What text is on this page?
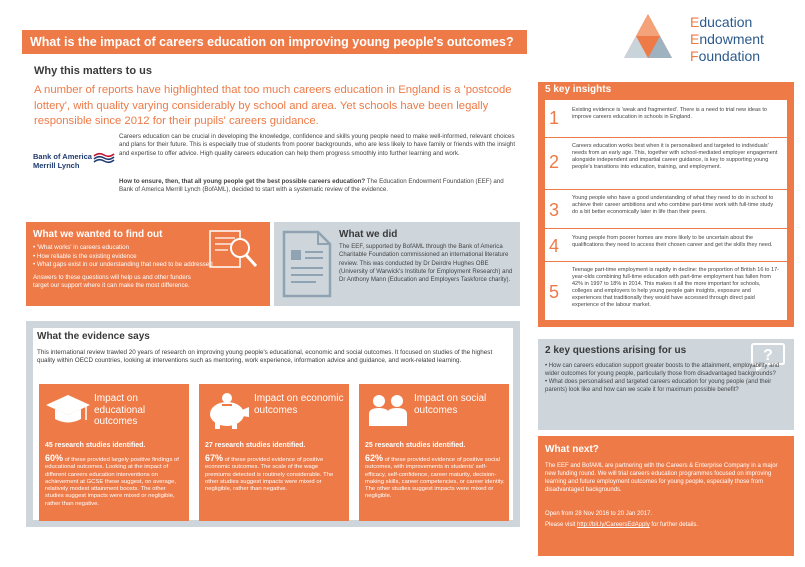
What is the impact of careers education on improving young people's outcomes?
Education
Endowment
Foundation
Why this matters to us
A number of reports have highlighted that too much careers education in England is a 'postcode lottery', with quality varying considerably by school and area. Yet schools have been legally responsible since 2012 for their pupils' careers guidance.
Bank of America
Merrill Lynch
Careers education can be crucial in developing the knowledge, confidence and skills young people need to make well-informed, relevant choices and plans for their future. This is especially true of students from poorer backgrounds, who are less likely to have family or friends with the insight and expertise to offer advice. High quality careers education can help them progress smoothly into further learning and work.
How to ensure, then, that all young people get the best possible careers education? The Education Endowment Foundation (EEF) and Bank of America Merrill Lynch (BofAML), decided to start with a systematic review of the evidence.
What we wanted to find out
• 'What works' in careers education
• How reliable is the existing evidence
• What gaps exist in our understanding that need to be addressed
Answers to these questions will help us and other funders target our support where it can make the most difference.
What we did
The EEF, supported by BofAML through the Bank of America Charitable Foundation commissioned an international literature review. This was conducted by Dr Deirdre Hughes OBE (University of Warwick's Institute for Employment Research) and Dr Anthony Mann (Education and Employers Taskforce charity).
What the evidence says
This international review trawled 20 years of research on improving young people's educational, economic and social outcomes. It focused on studies of the highest quality within OECD countries, looking at interventions such as mentoring, work experience, information advice and guidance, and work-related learning.
Impact on educational outcomes
45 research studies identified.
60% of these provided largely positive findings of educational outcomes. Looking at the impact of different careers education interventions on achievement at GCSE these suggest, on average, relatively modest attainment boosts. The other studies suggest impacts were mixed or negligible, rather than negative.
Impact on economic outcomes
27 research studies identified.
67% of these provided evidence of positive economic outcomes. The scale of the wage premiums detected is routinely considerable. The other studies suggest impacts were mixed or negligible, rather than negative.
Impact on social outcomes
25 research studies identified.
62% of these provided evidence of positive social outcomes, with improvements in students' self-efficacy, self-confidence, career maturity, decision-making skills, career competencies, or career identity. The other studies suggest impacts were mixed or negligible.
1 Existing evidence is 'weak and fragmented'. There is a need to trial new ideas to improve careers education in schools in England.
2
Careers education works best when it is personalised and targeted to individuals' needs from an early age. This, together with school-mediated employer engagement alongside independent and impartial career guidance, is key to supporting young people's transitions into education, training, and employment.
3
Young people who have a good understanding of what they need to do in school to achieve their career ambitions and who combine part-time work with full-time study do a bit better economically later in life than their peers.
4 Young people from poorer homes are more likely to be uncertain about the qualifications they need to access their chosen career and get the skills they need.
5
Teenage part-time employment is rapidly in decline: the proportion of British 16 to 17-year-olds combining full-time education with part-time employment has fallen from 42% in 1997 to 18% in 2014. This makes it all the more important for schools, colleges and employers to help young people gain insights, exposure and experiences that traditionally they would have accessed through direct paid experience of the labour market.
5 key insights
2 key questions arising for us	?
• How can careers education support greater boosts to the attainment, employability and wider outcomes for young people, particularly those from disadvantaged backgrounds?
• What does personalised and targeted careers education for young people (and their parents) look like and how can we scale it for maximum possible benefit?
What next?
The EEF and BofAML are partnering with the Careers & Enterprise Company in a major new funding round. We will trial careers education programmes focused on improving learning and future employment outcomes for young people, especially those from disadvantaged backgrounds.
Open from 28 Nov 2016 to 20 Jan 2017.
Please visit http://bit.ly/CareersEdApply for further details.
